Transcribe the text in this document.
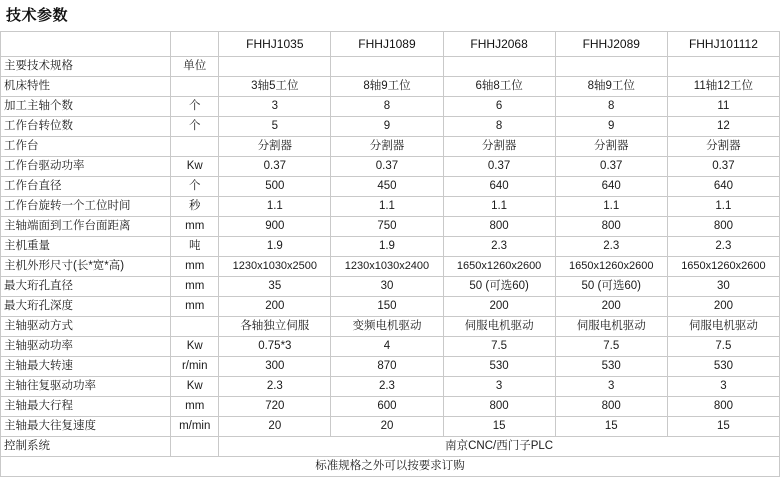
技术参数
		FHHJ1035	FHHJ1089	FHHJ2068	FHHJ2089	FHHJ101112
主要技术规格	单位					
机床特性		3轴5工位	8轴9工位	6轴8工位	8轴9工位	11轴12工位
加工主轴个数	个	3	8	6	8	11
工作台转位数	个	5	9	8	9	12
工作台		分割器	分割器	分割器	分割器	分割器
工作台驱动功率	Kw	0.37	0.37	0.37	0.37	0.37
工作台直径	个	500	450	640	640	640
工作台旋转一个工位时间	秒	1.1	1.1	1.1	1.1	1.1
主轴端面到工作台面距离	mm	900	750	800	800	800
主机重量	吨	1.9	1.9	2.3	2.3	2.3
主机外形尺寸(长*宽*高)	mm	1230x1030x2500	1230x1030x2400	1650x1260x2600	1650x1260x2600	1650x1260x2600
最大珩孔直径	mm	35	30	50 (可选60)	50 (可选60)	30
最大珩孔深度	mm	200	150	200	200	200
主轴驱动方式		各轴独立伺服	变频电机驱动	伺服电机驱动	伺服电机驱动	伺服电机驱动
主轴驱动功率	Kw	0.75*3	4	7.5	7.5	7.5
主轴最大转速	r/min	300	870	530	530	530
主轴往复驱动功率	Kw	2.3	2.3	3	3	3
主轴最大行程	mm	720	600	800	800	800
主轴最大往复速度	m/min	20	20	15	15	15
控制系统		南京CNC/西门子PLC				
标准规格之外可以按要求订购						
